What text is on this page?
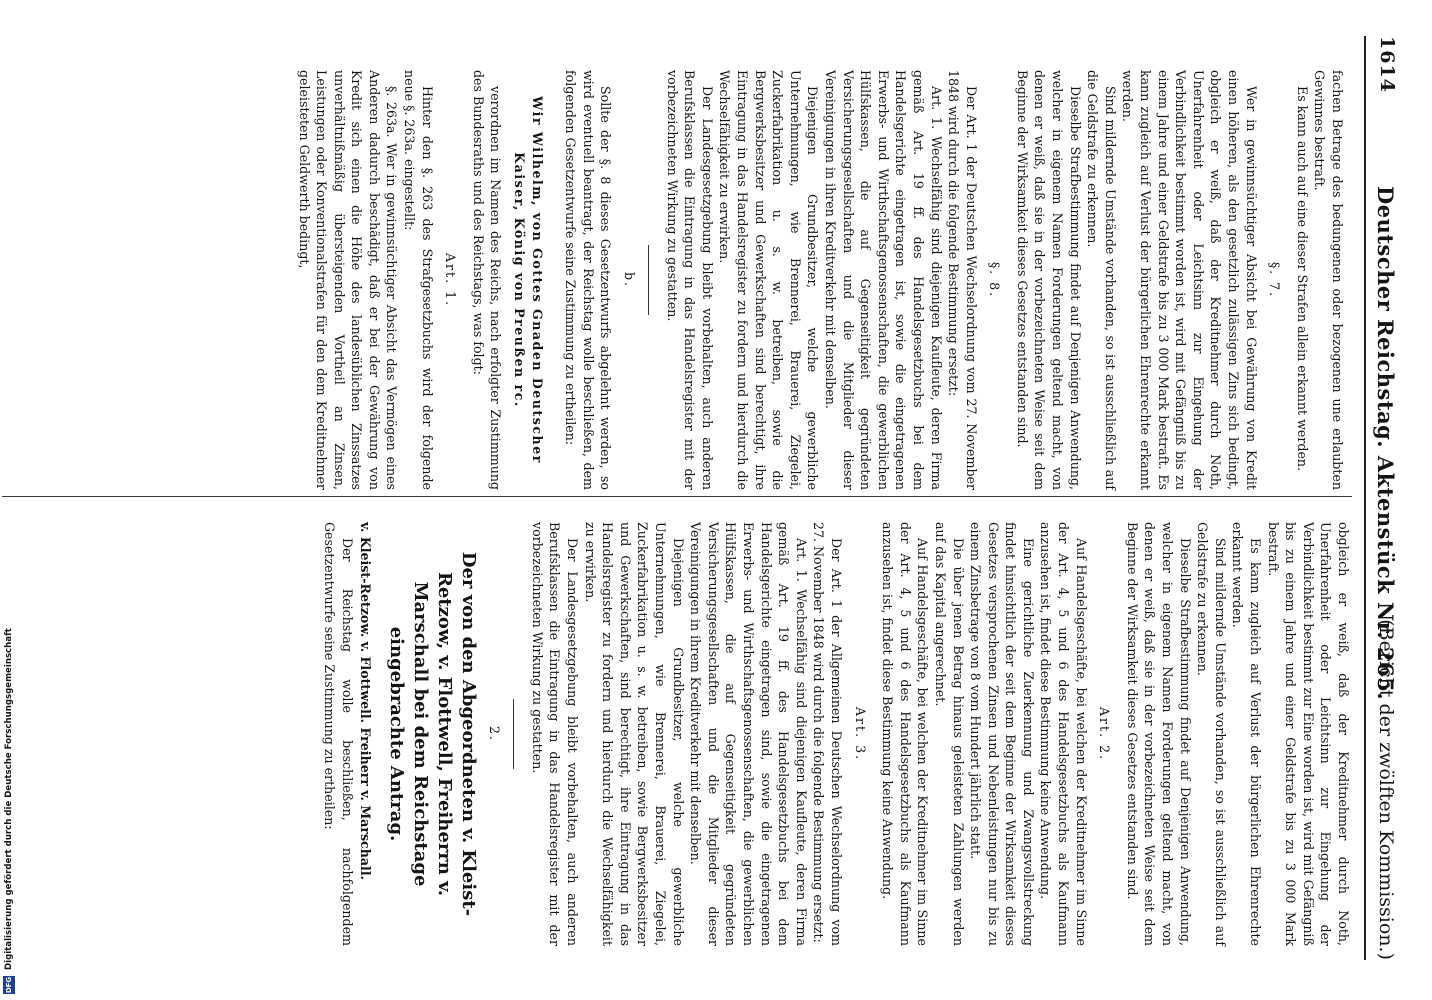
1614
Deutscher Reichstag. Aktenstück Nr. 265.
(Bericht der zwölften Kommission.)

fachen Betrage des bedungenen oder bezogenen une erlaubten Gewinnes bestraft.

Es kann auch auf eine dieser Strafen allein erkannt werden.

§. 7.

Wer in gewinnsüchtiger Absicht bei Gewährung von Kredit einen höheren, als den gesetzlich zulässigen Zins sich bedingt, obgleich er weiß, daß der Kreditnehmer durch Noth, Unerfahrenheit oder Leichtsinn zur Eingehung der Verbindlichkeit bestimmt worden ist, wird mit Gefängniß bis zu einem Jahre und einer Geldstrafe bis zu 3 000 Mark bestraft. Es kann zugleich auf Verlust der bürgerlichen Ehrenrechte erkannt werden.

Sind mildernde Umstände vorhanden, so ist ausschließlich auf die Geldstrafe zu erkennen.

Dieselbe Strafbestimmung findet auf Denjenigen Anwendung, welcher in eigenem Namen Forderungen geltend macht, von denen er weiß, daß sie in der vorbezeichneten Weise seit dem Beginne der Wirksamkeit dieses Gesetzes entstanden sind.

§. 8.

Der Art. 1 der Deutschen Wechselordnung vom 27. November 1848 wird durch die folgende Bestimmung ersetzt:

Art. 1. Wechselfähig sind diejenigen Kaufleute, deren Firma gemäß Art. 19 ff. des Handelsgesetzbuchs bei dem Handelsgerichte eingetragen ist, sowie die eingetragenen Erwerbs- und Wirthschaftsgenossenschaften, die gewerblichen Hülfskassen, die auf Gegenseitigkeit gegründeten Versicherungsgesellschaften und die Mitglieder dieser Vereinigungen in ihren Kreditverkehr mit denselben.

Diejenigen Grundbesitzer, welche gewerbliche Unternehmungen, wie Brennerei, Brauerei, Ziegelei, Zuckerfabrikation u. s. w. betreiben, sowie die Bergwerksbesitzer und Gewerkschaften sind berechtigt, ihre Eintragung in das Handelsregister zu fordern und hierdurch die Wechselfähigkeit zu erwirken.

Der Landesgesetzgebung bleibt vorbehalten, auch anderen Berufsklassen die Eintragung in das Handelsregister mit der vorbezeichneten Wirkung zu gestatten.

b.

Sollte der §. 8 dieses Gesetzentwurfs abgelehnt werden, so wird eventuell beantragt, der Reichstag wolle beschließen, dem folgenden Gesetzentwurfe seine Zustimmung zu ertheilen:

Wir Wilhelm, von Gottes Gnaden Deutscher Kaiser, König von Preußen rc.

verordnen im Namen des Reichs, nach erfolgter Zustimmung des Bundesraths und des Reichstags, was folgt:

Art. 1.

Hinter den §. 263 des Strafgesetzbuchs wird der folgende neue §. 263a. eingestellt:

§. 263a. Wer in gewinnsüchtiger Absicht das Vermögen eines Anderen dadurch beschädigt, daß er bei der Gewährung von Kredit sich einen die Höhe des landesüblichen Zinssatzes unverhältnißmäßig übersteigenden Vortheil an Zinsen, Leistungen oder Konventionalstrafen für den dem Kreditnehmer geleisteten Geldwerth bedingt,

obgleich er weiß, daß der Kreditnehmer durch Noth, Unerfahrenheit oder Leichtsinn zur Eingehung der Verbindlichkeit bestimmt zur Eine worden ist, wird mit Gefängniß bis zu einem Jahre und einer Geldstrafe bis zu 3 000 Mark bestraft.

Es kann zugleich auf Verlust der bürgerlichen Ehrenrechte erkannt werden.

Sind mildernde Umstände vorhanden, so ist ausschließlich auf Geldstrafe zu erkennen.

Dieselbe Strafbestimmung findet auf Denjenigen Anwendung, welcher in eigenem Namen Forderungen geltend macht, von denen er weiß, daß sie in der vorbezeichneten Weise seit dem Beginne der Wirksamkeit dieses Gesetzes entstanden sind.

Art. 2.

Auf Handelsgeschäfte, bei welchen der Kreditnehmer im Sinne der Art. 4, 5 und 6 des Handelsgesetzbuchs als Kaufmann anzusehen ist, findet diese Bestimmung keine Anwendung.

Eine gerichtliche Zuerkennung und Zwangsvollstreckung findet hinsichtlich der seit dem Beginne der Wirksamkeit dieses Gesetzes versprochenen Zinsen und Nebenleistungen nur bis zu einem Zinsbetrage von 8 vom Hundert jährlich statt.

Die über jenen Betrag hinaus geleisteten Zahlungen werden auf das Kapital angerechnet.

Auf Handelsgeschäfte, bei welchen der Kreditnehmer im Sinne der Art. 4, 5 und 6 des Handelsgesetzbuchs als Kaufmann anzusehen ist, findet diese Bestimmung keine Anwendung.

Art. 3.

Der Art. 1 der Allgemeinen Deutschen Wechselordnung vom 27. November 1848 wird durch die folgende Bestimmung ersetzt:

Art. 1. Wechselfähig sind diejenigen Kaufleute, deren Firma gemäß Art. 19 ff. des Handelsgesetzbuchs bei dem Handelsgerichte eingetragen sind, sowie die eingetragenen Erwerbs- und Wirthschaftsgenossenschaften, die gewerblichen Hülfskassen, die auf Gegenseitigkeit gegründeten Versicherungsgesellschaften und die Mitglieder dieser Vereinigungen in ihrem Kreditverkehr mit denselben.

Diejenigen Grundbesitzer, welche gewerbliche Unternehmungen, wie Brennerei, Brauerei, Ziegelei, Zuckerfabrikation u. s. w. betreiben, sowie Bergwerksbesitzer und Gewerkschaften, sind berechtigt, ihre Eintragung in das Handelsregister zu fordern und hierdurch die Wechselfähigkeit zu erwirken.

Der Landesgesetzgebung bleibt vorbehalten, auch anderen Berufsklassen die Eintragung in das Handelsregister mit der vorbezeichneten Wirkung zu gestatten.

2.

Der von den Abgeordneten v. Kleist-Retzow, v. Flottwell, Freiherrn v. Marschall bei dem Reichstage eingebrachte Antrag.

v. Kleist-Retzow. v. Flottwell. Freiherr v. Marschall.

Der Reichstag wolle beschließen, nachfolgendem Gesetzentwurfe seine Zustimmung zu ertheilen:

DFG
Digitalisierung gefördert durch die Deutsche Forschungsgemeinschaft
